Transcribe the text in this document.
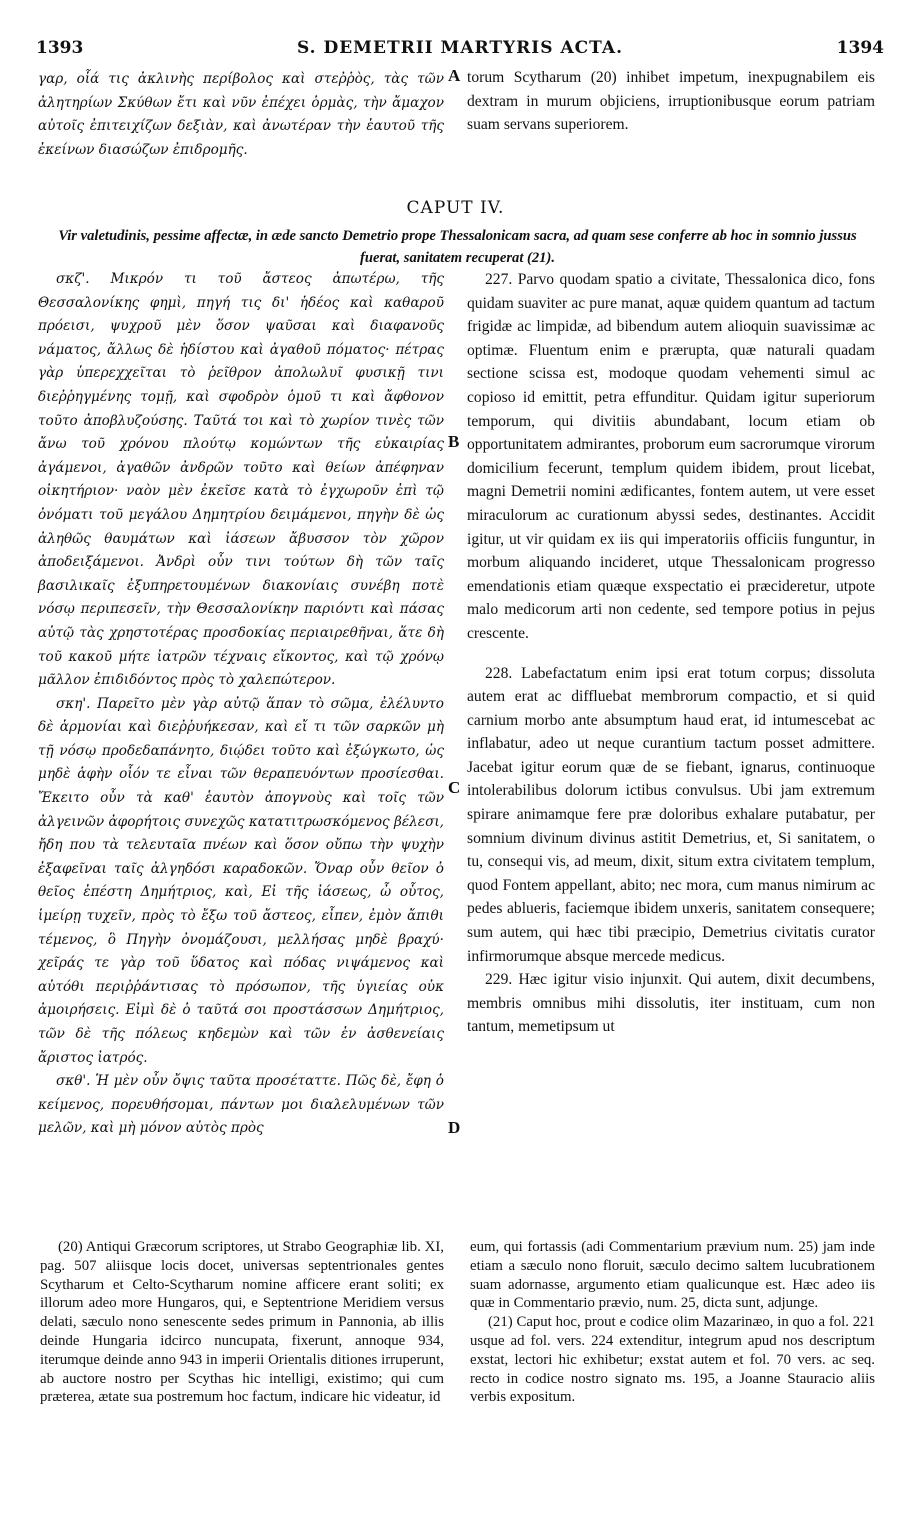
1393	S. DEMETRII MARTYRIS ACTA.	1394

γαρ, οἷά τις ἀκλινὴς περίβολος καὶ στεῤῥὸς, τὰς τῶν ἀλητηρίων Σκύθων ἔτι καὶ νῦν ἐπέχει ὁρμὰς, τὴν ἄμαχον αὐτοῖς ἐπιτειχίζων δεξιὰν, καὶ ἀνωτέραν τὴν ἑαυτοῦ τῆς ἐκείνων διασώζων ἐπιδρομῆς.

A torum Scytharum (20) inhibet impetum, inexpugnabilem eis dextram in murum objiciens, irruptionibusque eorum patriam suam servans superiorem.

CAPUT IV.
Vir valetudinis, pessime affectæ, in æde sancto Demetrio prope Thessalonicam sacra, ad quam sese conferre ab hoc in somnio jussus fuerat, sanitatem recuperat (21).

σκζ'. Μικρόν τι τοῦ ἄστεος ἀπωτέρω, τῆς Θεσσαλονίκης φημὶ, πηγή τις δι' ἡδέος καὶ καθαροῦ πρόεισι, ψυχροῦ μὲν ὅσον ψαῦσαι καὶ διαφανοῦς νάματος, ἄλλως δὲ ἡδίστου καὶ ἀγαθοῦ πόματος· πέτρας γὰρ ὑπερεχχεῖται τὸ ῥεῖθρον ἀπολωλυῖ φυσικῇ τινι διεῤῥηγμένης τομῇ, καὶ σφοδρὸν ὁμοῦ τι καὶ ἄφθονον τοῦτο ἀποβλυζούσης. Ταῦτά τοι καὶ τὸ χωρίον τινὲς τῶν ἄνω τοῦ χρόνου πλούτῳ κομώντων τῆς εὐκαιρίας ἀγάμενοι, ἀγαθῶν ἀνδρῶν τοῦτο καὶ θείων ἀπέφηναν οἰκητήριον· ναὸν μὲν ἐκεῖσε κατὰ τὸ ἐγχωροῦν ἐπὶ τῷ ὀνόματι τοῦ μεγάλου Δημητρίου δειμάμενοι, πηγὴν δὲ ὡς ἀληθῶς θαυμάτων καὶ ἰάσεων ἄβυσσον τὸν χῶρον ἀποδειξάμενοι. Ἀνδρὶ οὖν τινι τούτων δὴ τῶν ταῖς βασιλικαῖς ἐξυπηρετουμένων διακονίαις συνέβη ποτὲ νόσῳ περιπεσεῖν, τὴν Θεσσαλονίκην παριόντι καὶ πάσας αὐτῷ τὰς χρηστοτέρας προσδοκίας περιαιρεθῆναι, ἅτε δὴ τοῦ κακοῦ μήτε ἰατρῶν τέχναις εἴκοντος, καὶ τῷ χρόνῳ μᾶλλον ἐπιδιδόντος πρὸς τὸ χαλεπώτερον.

σκη'. Παρεῖτο μὲν γὰρ αὐτῷ ἅπαν τὸ σῶμα, ἐλέλυντο δὲ ἁρμονίαι καὶ διεῤῥυήκεσαν, καὶ εἴ τι τῶν σαρκῶν μὴ τῇ νόσῳ προδεδαπάνητο, διῴδει τοῦτο καὶ ἐξώγκωτο, ὡς μηδὲ ἁφὴν οἷόν τε εἶναι τῶν θεραπευόντων προσίεσθαι. Ἔκειτο οὖν τὰ καθ' ἑαυτὸν ἀπογνοὺς καὶ τοῖς τῶν ἀλγεινῶν ἀφορήτοις συνεχῶς κατατιτρωσκόμενος βέλεσι, ἤδη που τὰ τελευταῖα πνέων καὶ ὅσον οὔπω τὴν ψυχὴν ἐξαφεῖναι ταῖς ἀλγηδόσι καραδοκῶν. Ὄναρ οὖν θεῖον ὁ θεῖος ἐπέστη Δημήτριος, καὶ, Εἰ τῆς ἰάσεως, ὦ οὗτος, ἱμείρῃ τυχεῖν, πρὸς τὸ ἔξω τοῦ ἄστεος, εἶπεν, ἐμὸν ἄπιθι τέμενος, ὃ Πηγὴν ὀνομάζουσι, μελλήσας μηδὲ βραχύ· χεῖράς τε γὰρ τοῦ ὕδατος καὶ πόδας νιψάμενος καὶ αὐτόθι περιῤῥάντισας τὸ πρόσωπον, τῆς ὑγιείας οὐκ ἀμοιρήσεις. Εἰμὶ δὲ ὁ ταῦτά σοι προστάσσων Δημήτριος, τῶν δὲ τῆς πόλεως κηδεμὼν καὶ τῶν ἐν ἀσθενείαις ἄριστος ἰατρός.

σκθ'. Ἡ μὲν οὖν ὄψις ταῦτα προσέταττε. Πῶς δὲ, ἔφη ὁ κείμενος, πορευθήσομαι, πάντων μοι διαλελυμένων τῶν μελῶν, καὶ μὴ μόνον αὐτὸς πρὸς

B
C
D

227. Parvo quodam spatio a civitate, Thessalonica dico, fons quidam suaviter ac pure manat, aquæ quidem quantum ad tactum frigidæ ac limpidæ, ad bibendum autem alioquin suavissimæ ac optimæ. Fluentum enim e prærupta, quæ naturali quadam sectione scissa est, modoque quodam vehementi simul ac copioso id emittit, petra effunditur. Quidam igitur superiorum temporum, qui divitiis abundabant, locum etiam ob opportunitatem admirantes, proborum eum sacrorumque virorum domicilium fecerunt, templum quidem ibidem, prout licebat, magni Demetrii nomini ædificantes, fontem autem, ut vere esset miraculorum ac curationum abyssi sedes, destinantes. Accidit igitur, ut vir quidam ex iis qui imperatoriis officiis funguntur, in morbum aliquando incideret, utque Thessalonicam progresso emendationis etiam quæque exspectatio ei præcideretur, utpote malo medicorum arti non cedente, sed tempore potius in pejus crescente.

228. Labefactatum enim ipsi erat totum corpus; dissoluta autem erat ac diffluebat membrorum compactio, et si quid carnium morbo ante absumptum haud erat, id intumescebat ac inflabatur, adeo ut neque curantium tactum posset admittere. Jacebat igitur eorum quæ de se fiebant, ignarus, continuoque intolerabilibus dolorum ictibus convulsus. Ubi jam extremum spirare animamque fere præ doloribus exhalare putabatur, per somnium divinum divinus astitit Demetrius, et, Si sanitatem, o tu, consequi vis, ad meum, dixit, situm extra civitatem templum, quod Fontem appellant, abito; nec mora, cum manus nimirum ac pedes ablueris, faciemque ibidem unxeris, sanitatem consequere; sum autem, qui hæc tibi præcipio, Demetrius civitatis curator infirmorumque absque mercede medicus.

229. Hæc igitur visio injunxit. Qui autem, dixit decumbens, membris omnibus mihi dissolutis, iter instituam, cum non tantum, memetipsum ut

(20) Antiqui Græcorum scriptores, ut Strabo Geographiæ lib. XI, pag. 507 aliisque locis docet, universas septentrionales gentes Scytharum et Celto-Scytharum nomine afficere erant soliti; ex illorum adeo more Hungaros, qui, e Septentrione Meridiem versus delati, sæculo nono senescente sedes primum in Pannonia, ab illis deinde Hungaria idcirco nuncupata, fixerunt, annoque 934, iterumque deinde anno 943 in imperii Orientalis ditiones irruperunt, ab auctore nostro per Scythas hic intelligi, existimo; qui cum præterea, ætate sua postremum hoc factum, indicare hic videatur, id

eum, qui fortassis (adi Commentarium prævium num. 25) jam inde etiam a sæculo nono floruit, sæculo decimo saltem lucubrationem suam adornasse, argumento etiam qualicunque est. Hæc adeo iis quæ in Commentario prævio, num. 25, dicta sunt, adjunge.

(21) Caput hoc, prout e codice olim Mazarinæo, in quo a fol. 221 usque ad fol. vers. 224 extenditur, integrum apud nos descriptum exstat, lectori hic exhibetur; exstat autem et fol. 70 vers. ac seq. recto in codice nostro signato ms. 195, a Joanne Stauracio aliis verbis expositum.
